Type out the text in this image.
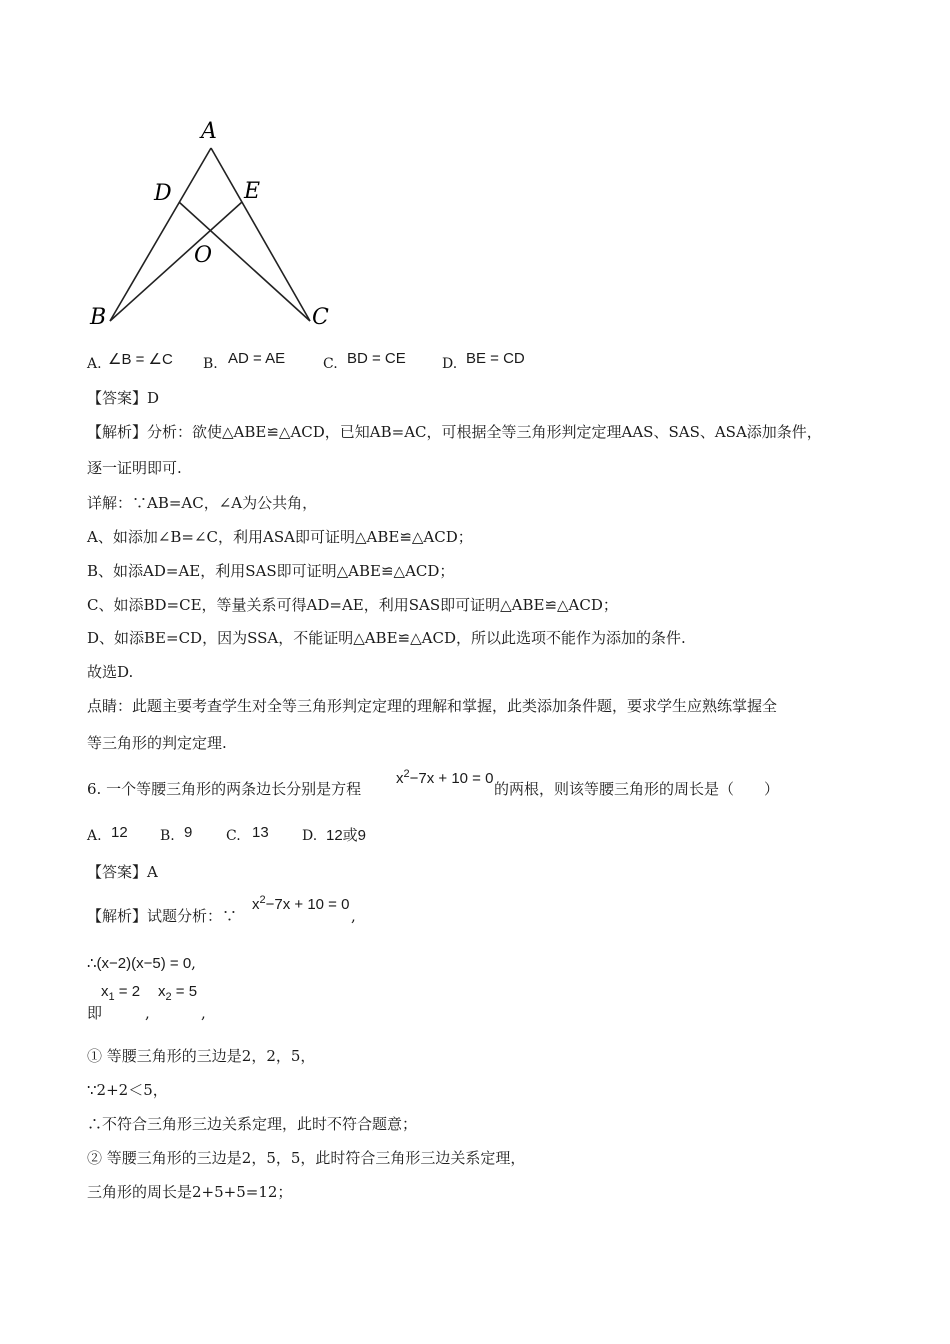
A
D	E
O
B	C
A. ∠B = ∠C B. AD = AE	C. BD = CE	D. BE = CD
【答案】D
【解析】分析：欲使△ABE≌△ACD，已知AB=AC，可根据全等三角形判定定理AAS、SAS、ASA添加条件，
逐一证明即可.
详解：∵AB=AC，∠A为公共角，
A、如添加∠B=∠C，利用ASA即可证明△ABE≌△ACD；
B、如添AD=AE，利用SAS即可证明△ABE≌△ACD；
C、如添BD=CE，等量关系可得AD=AE，利用SAS即可证明△ABE≌△ACD；
D、如添BE=CD，因为SSA，不能证明△ABE≌△ACD，所以此选项不能作为添加的条件.
故选D.
点睛：此题主要考查学生对全等三角形判定定理的理解和掌握，此类添加条件题，要求学生应熟练掌握全
等三角形的判定定理.
6. 一个等腰三角形的两条边长分别是方程
$x^2-7x + 10 = 0$
的两根，则该等腰三角形的周长是（　　）
A. 12 B. 9 C. 13 D. 12或9
【答案】A
【解析】试题分析：∵
$x^2-7x + 10 = 0$
,
∴(x−2)(x−5) = 0,
即
$x_1 = 2$
,
$x_2 = 5$
,
① 等腰三角形的三边是2，2，5，
∵2+2＜5，
∴不符合三角形三边关系定理，此时不符合题意；
② 等腰三角形的三边是2，5，5，此时符合三角形三边关系定理，
三角形的周长是2+5+5=12；
